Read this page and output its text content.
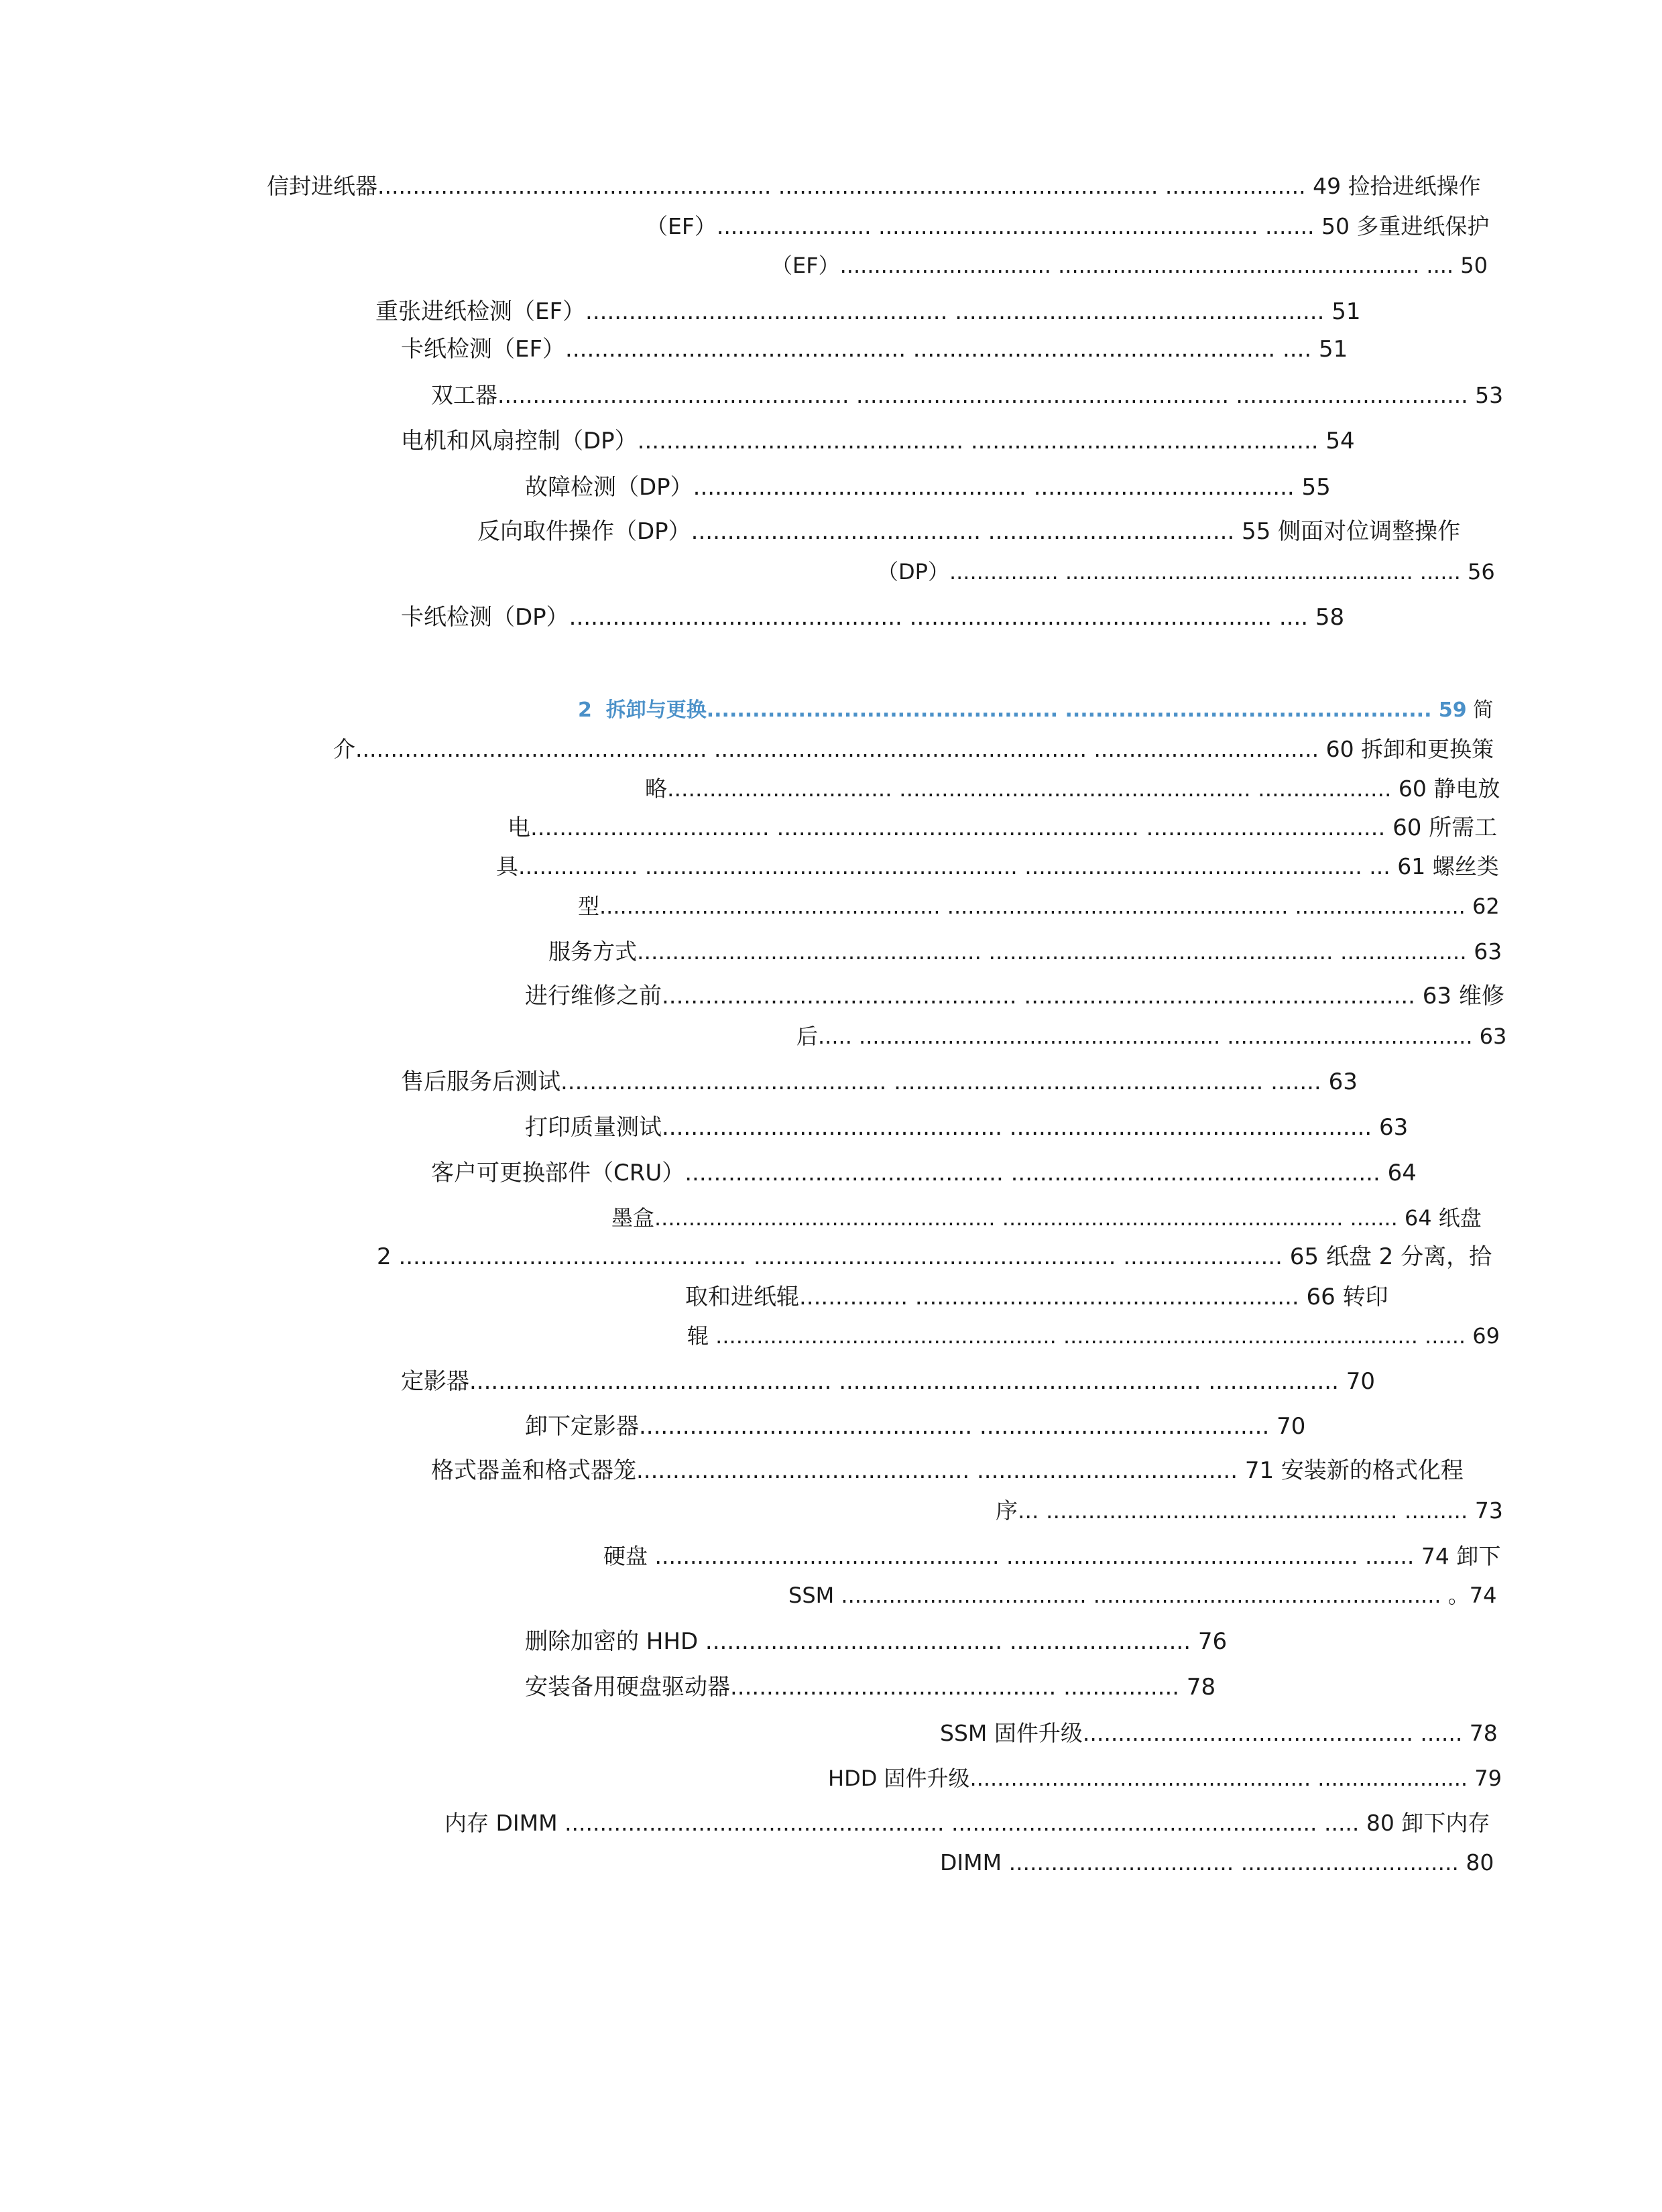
信封进纸器........................................................ ...................................................... .................... 49 捡拾进纸操作

（EF）...................... ...................................................... ....... 50 多重进纸保护

（EF）............................... ..................................................... .... 50

重张进纸检测（EF）.................................................. ................................................... 51

卡纸检测（EF）............................................... .................................................. .... 51

双工器.................................................. ..................................................... ................................. 53

电机和风扇控制（DP）............................................. ................................................ 54

故障检测（DP）.............................................. .................................... 55

反向取件操作（DP）........................................ .................................. 55 侧面对位调整操作

（DP）................ ................................................... ...... 56

卡纸检测（DP）.............................................. .................................................. .... 58

2  拆卸与更换.............................................. ................................................ 59 简

介.................................................. ..................................................... ................................ 60 拆卸和更换策

略................................ .................................................. ................... 60 静电放

电................................. .................................................. ................................. 60 所需工

具................. ..................................................... ................................................ ... 61 螺丝类

型.................................................. .................................................. ......................... 62

服务方式................................................. ................................................. .................. 63

进行维修之前................................................. ...................................................... 63 维修

后..... ..................................................... .................................... 63

售后服务后测试............................................. ................................................... ....... 63

打印质量测试............................................... .................................................. 63

客户可更换部件（CRU）............................................ ................................................... 64

墨盒.................................................. .................................................. ....... 64 纸盘

2 ................................................ .................................................. ...................... 65 纸盘 2 分离，拾

取和进纸辊............... ..................................................... 66 转印

辊 .................................................. .................................................... ...... 69

定影器.................................................. .................................................. .................. 70

卸下定影器.............................................. ........................................ 70

格式器盖和格式器笼.............................................. .................................... 71 安装新的格式化程

序... .................................................. ......... 73

硬盘 ................................................. .................................................. ....... 74 卸下

SSM .................................... ................................................... 。74

删除加密的 HHD ......................................... ......................... 76

安装备用硬盘驱动器............................................. ................ 78

SSM 固件升级............................................... ...... 78

HDD 固件升级.................................................. ...................... 79

内存 DIMM ...................................................... .................................................... ..... 80 卸下内存

DIMM ................................ ............................... 80
